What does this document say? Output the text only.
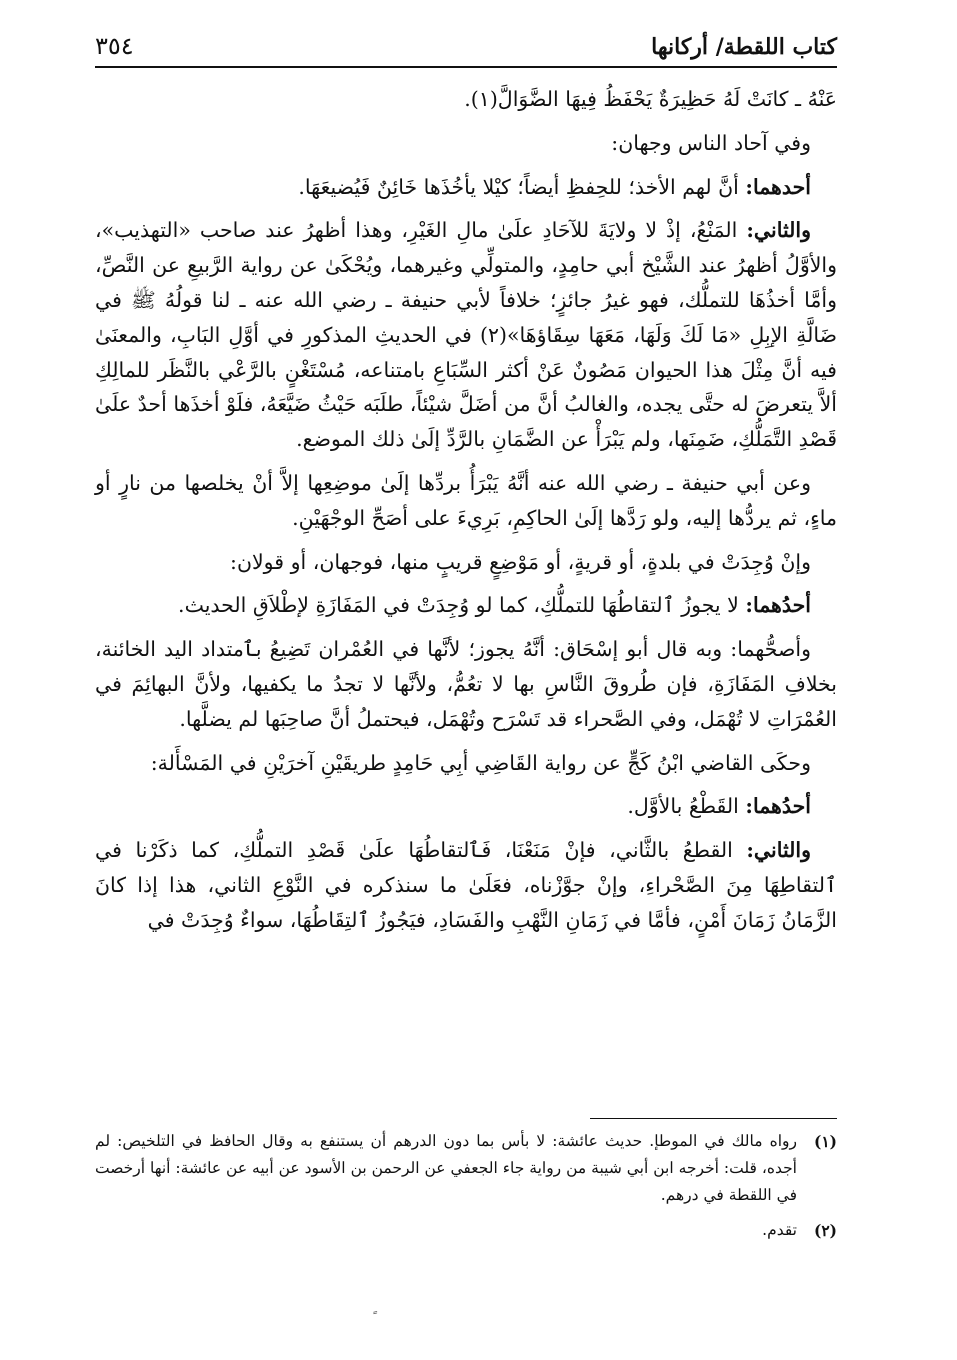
كتاب اللقطة/ أركانها
٣٥٤

عَنْهُ ـ كانَتْ لَهُ حَظِيرَةٌ يَحْفَظُ فِيهَا الضَّوَالَّ(١).

وفي آحاد الناس وجهان:

أحدهما: أنَّ لهم الأخذ؛ للحِفظِ أيضاً؛ كيْلا يأخُذَها خَائِنٌ فَيُضيعَهَا.

والثاني: المَنْعُ، إذْ لا ولايَةَ للآحَادِ علَىٰ مالِ الغَيْرِ، وهذا أظهرُ عند صاحب «التهذيب»، والأوَّلُ أظهرُ عند الشَّيْخ أبي حامِدٍ، والمتولِّي وغيرهما، ويُحْكَىٰ عن رواية الرَّبيعِ عن النَّصِّ، وأمَّا أخذُهَا للتملُّك، فهو غيرُ جائزٍ؛ خلافاً لأبي حنيفة ـ رضي الله عنه ـ لنا قولُهُ ﷺ في ضَالَّةِ الإبِلِ «مَا لَكَ وَلَهَا، مَعَهَا سِقَاؤهَا»(٢) في الحديثِ المذكورِ في أوَّلِ البَابِ، والمعنَىٰ فيه أنَّ مِثْلَ هذا الحيوان مَصُونٌ عَنْ أكثر السِّبَاعِ بامتناعه، مُسْتَغْنٍ بالرَّعْي بالنَّظَر للمالِكِ ألاَّ يتعرضَ له حتَّى يجده، والغالبُ أنَّ من أضَلَّ شيْئاً، طلَبَه حَيْثُ ضَيَّعَهُ، فلَوْ أخذَها أحدٌ علَىٰ قَصْدِ التَّمَلُّكِ، ضَمِنَها، ولم يَبْرَأْ عن الضَّمَانِ بالرَّدِّ إلَىٰ ذلك الموضع.

وعن أبي حنيفة ـ رضي الله عنه أنَّهُ يَبْرَأُ بردِّها إلَىٰ موضِعِها إلاَّ أنْ يخلصها من نارٍ أو ماءٍ، ثم يردُّها إليه، ولو رَدَّها إلَىٰ الحاكِمِ، بَرِيءَ على أصَحِّ الوجْهَيْنِ.

وإنْ وُجِدَتْ في بلدةٍ، أو قريةٍ، أو مَوْضِعٍ قريبٍ منها، فوجهان، أو قولان:

أحدُهما: لا يجوزُ ٱلتقاطُهَا للتملُّكِ، كما لو وُجِدَتْ في المَفَازَةِ لإطْلاَقِ الحديث.

وأصحُّهما: وبه قال أبو إسْحَاق: أنَّهُ يجوز؛ لأنَّها في العُمْران تَضِيعُ بٱمتداد اليد الخائنة، بخلافِ المَفَازَةِ، فإن طُروقَ النَّاسِ بها لا تعُمُّ، ولأنَّها لا تجدُ ما يكفيها، ولأنَّ البهائِمَ في العُمْرَاتِ لا تُهْمَل، وفي الصَّحراء قد تَسْرَح وتُهْمَل، فيحتملُ أنَّ صاحِبَها لم يضلَّها.

وحكَى القاضي ابْنُ كَجٍّ عن رواية القَاضِي أبِي حَامِدٍ طريقَيْنِ آخرَيْنِ في المَسْأَلة:

أحدُهما: القَطْعُ بالأوَّل.

والثاني: القطعُ بالثَّاني، فإنْ مَنَعْنَا، فَٱلتقاطُهَا علَىٰ قَصْدِ التملُّكِ، كما ذكَرْنا في ٱلتقاطِهَا مِنَ الصَّحْراءِ، وإنْ جوَّزْناه، فعَلَىٰ ما سنذكره في النَّوْعِ الثاني، هذا إذا كانَ الزَّمَانُ زَمَانَ أَمْنٍ، فأمَّا في زَمَانِ النَّهْبِ والفَسَادِ، فيَجُوزُ ٱلتِقَاطُهَا، سواءٌ وُجِدَتْ في

(١)
رواه مالك في الموطإ. حديث عائشة: لا بأس بما دون الدرهم أن يستنفع به وقال الحافظ في التلخيص: لم أجده، قلت: أخرجه ابن أبي شيبة من رواية جاء الجعفي عن الرحمن بن الأسود عن أبيه عن عائشة: أنها أرخصت في اللقطة في درهم.
(٢)
تقدم.
